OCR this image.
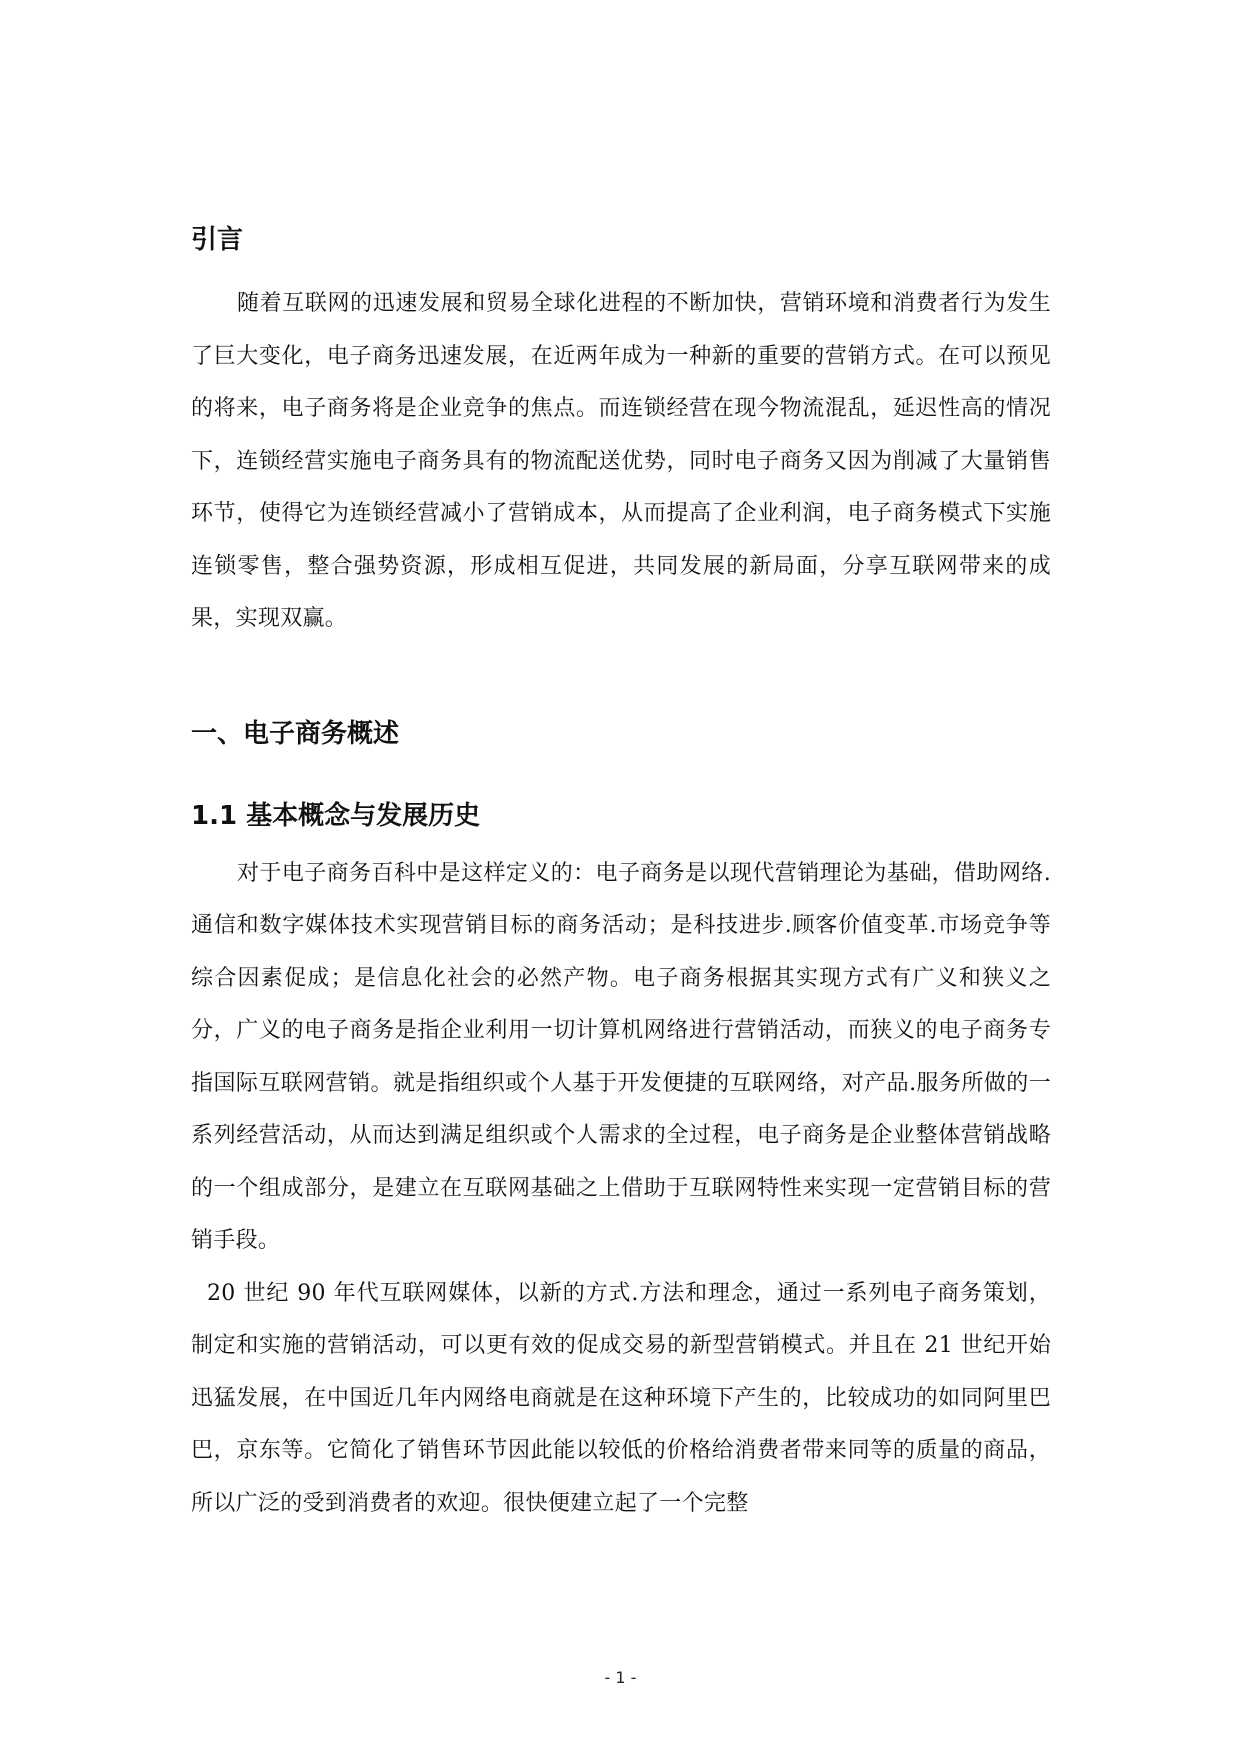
引言

随着互联网的迅速发展和贸易全球化进程的不断加快，营销环境和消费者行为发生了巨大变化，电子商务迅速发展，在近两年成为一种新的重要的营销方式。在可以预见的将来，电子商务将是企业竞争的焦点。而连锁经营在现今物流混乱，延迟性高的情况下，连锁经营实施电子商务具有的物流配送优势，同时电子商务又因为削减了大量销售环节，使得它为连锁经营减小了营销成本，从而提高了企业利润，电子商务模式下实施连锁零售，整合强势资源，形成相互促进，共同发展的新局面，分享互联网带来的成果，实现双赢。

一、电子商务概述
1.1 基本概念与发展历史

对于电子商务百科中是这样定义的：电子商务是以现代营销理论为基础，借助网络.通信和数字媒体技术实现营销目标的商务活动；是科技进步.顾客价值变革.市场竞争等综合因素促成；是信息化社会的必然产物。电子商务根据其实现方式有广义和狭义之分，广义的电子商务是指企业利用一切计算机网络进行营销活动，而狭义的电子商务专指国际互联网营销。就是指组织或个人基于开发便捷的互联网络，对产品.服务所做的一系列经营活动，从而达到满足组织或个人需求的全过程，电子商务是企业整体营销战略的一个组成部分，是建立在互联网基础之上借助于互联网特性来实现一定营销目标的营销手段。

20 世纪 90 年代互联网媒体，以新的方式.方法和理念，通过一系列电子商务策划，制定和实施的营销活动，可以更有效的促成交易的新型营销模式。并且在 21 世纪开始迅猛发展，在中国近几年内网络电商就是在这种环境下产生的，比较成功的如同阿里巴巴，京东等。它简化了销售环节因此能以较低的价格给消费者带来同等的质量的商品，所以广泛的受到消费者的欢迎。很快便建立起了一个完整

- 1 -
